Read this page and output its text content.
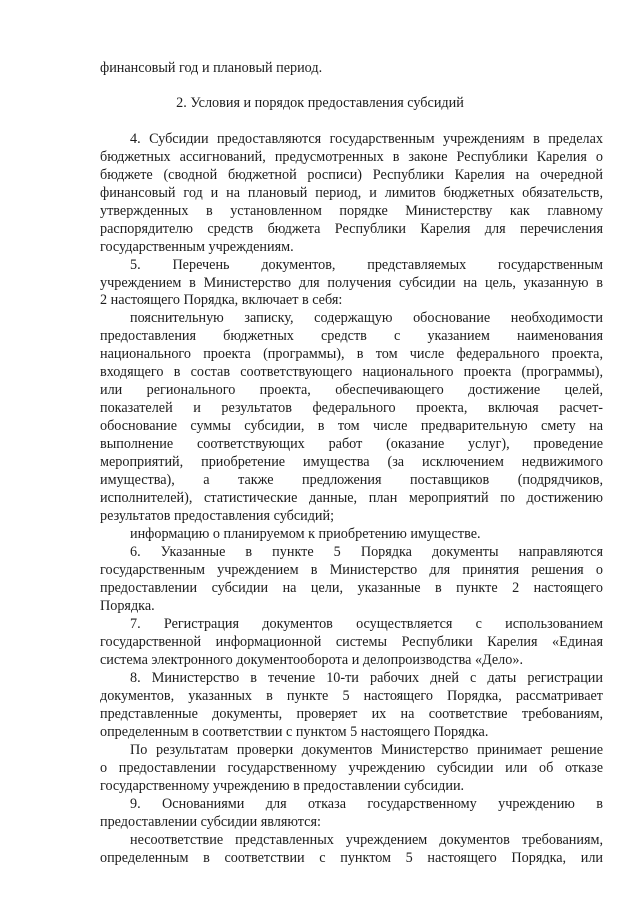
финансовый год и плановый период.
2. Условия и порядок предоставления субсидий
4. Субсидии предоставляются государственным учреждениям в пределах
бюджетных ассигнований, предусмотренных в законе Республики Карелия о
бюджете (сводной бюджетной росписи) Республики Карелия на очередной
финансовый год и на плановый период, и лимитов бюджетных обязательств,
утвержденных в установленном порядке Министерству как главному
распорядителю средств бюджета Республики Карелия для перечисления
государственным учреждениям.
5. Перечень документов, представляемых государственным
учреждением в Министерство для получения субсидии на цель, указанную в
2 настоящего Порядка, включает в себя:
пояснительную записку, содержащую обоснование необходимости
предоставления бюджетных средств с указанием наименования
национального проекта (программы), в том числе федерального проекта,
входящего в состав соответствующего национального проекта (программы),
или регионального проекта, обеспечивающего достижение целей,
показателей и результатов федерального проекта, включая расчет-
обоснование суммы субсидии, в том числе предварительную смету на
выполнение соответствующих работ (оказание услуг), проведение
мероприятий, приобретение имущества (за исключением недвижимого
имущества), а также предложения поставщиков (подрядчиков,
исполнителей), статистические данные, план мероприятий по достижению
результатов предоставления субсидий;
информацию о планируемом к приобретению имуществе.
6. Указанные в пункте 5 Порядка документы направляются
государственным учреждением в Министерство для принятия решения о
предоставлении субсидии на цели, указанные в пункте 2 настоящего
Порядка.
7. Регистрация документов осуществляется с использованием
государственной информационной системы Республики Карелия «Единая
система электронного документооборота и делопроизводства «Дело».
8. Министерство в течение 10-ти рабочих дней с даты регистрации
документов, указанных в пункте 5 настоящего Порядка, рассматривает
представленные документы, проверяет их на соответствие требованиям,
определенным в соответствии с пунктом 5 настоящего Порядка.
По результатам проверки документов Министерство принимает решение
о предоставлении государственному учреждению субсидии или об отказе
государственному учреждению в предоставлении субсидии.
9. Основаниями для отказа государственному учреждению в
предоставлении субсидии являются:
несоответствие представленных учреждением документов требованиям,
определенным в соответствии с пунктом 5 настоящего Порядка, или
